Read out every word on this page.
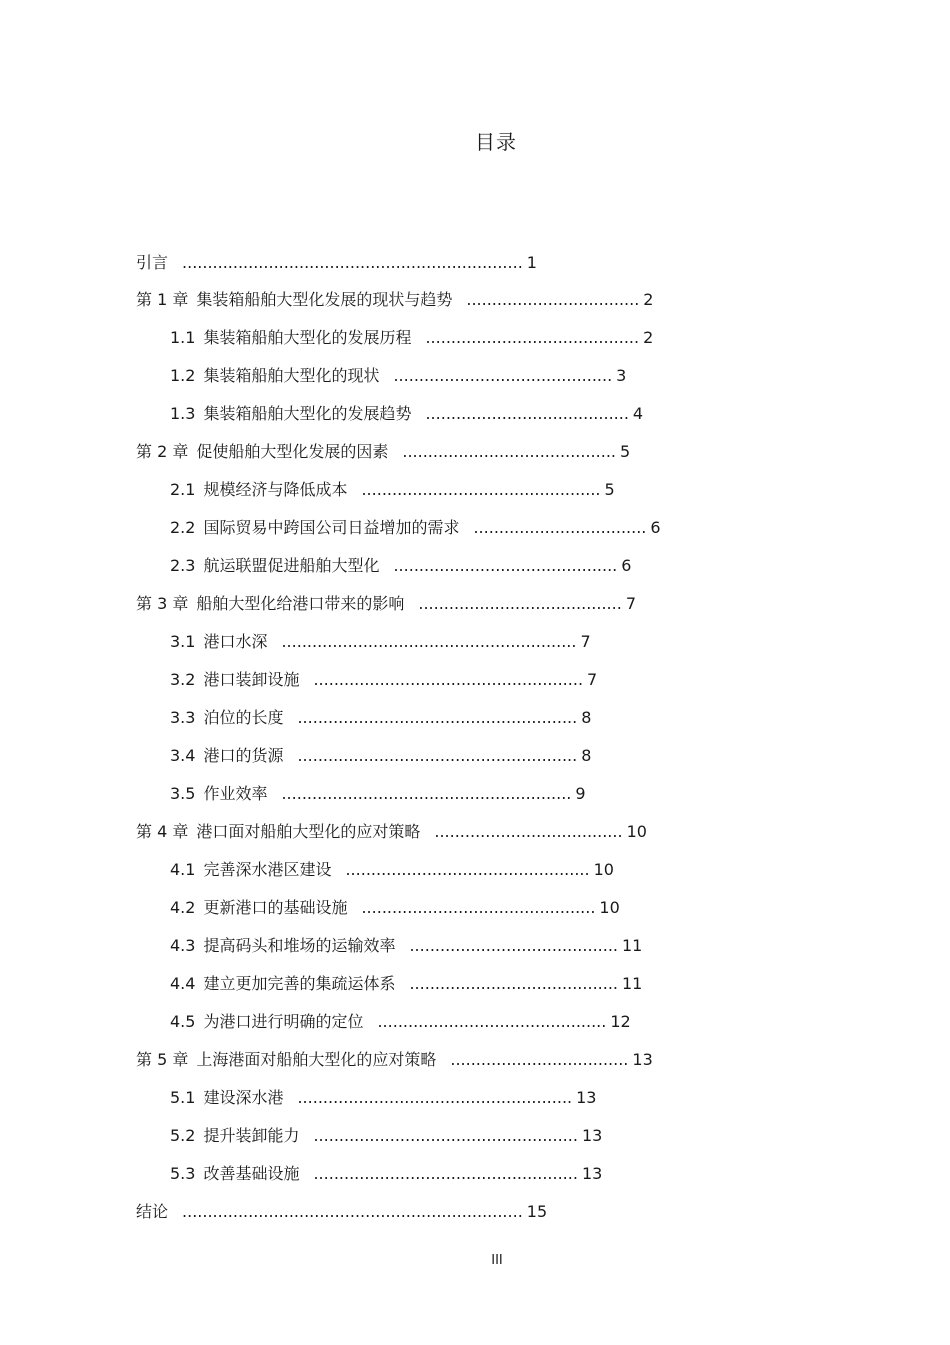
目录
引言 ................................................................... 1
第 1 章 集装箱船舶大型化发展的现状与趋势 .................................. 2
1.1 集装箱船舶大型化的发展历程 .......................................... 2
1.2 集装箱船舶大型化的现状 ........................................... 3
1.3 集装箱船舶大型化的发展趋势 ........................................ 4
第 2 章 促使船舶大型化发展的因素 .......................................... 5
2.1 规模经济与降低成本 ............................................... 5
2.2 国际贸易中跨国公司日益增加的需求 .................................. 6
2.3 航运联盟促进船舶大型化 ............................................ 6
第 3 章 船舶大型化给港口带来的影响 ........................................ 7
3.1 港口水深 .......................................................... 7
3.2 港口装卸设施 ..................................................... 7
3.3 泊位的长度 ....................................................... 8
3.4 港口的货源 ....................................................... 8
3.5 作业效率 ......................................................... 9
第 4 章 港口面对船舶大型化的应对策略 ..................................... 10
4.1 完善深水港区建设 ................................................ 10
4.2 更新港口的基础设施 .............................................. 10
4.3 提高码头和堆场的运输效率 ......................................... 11
4.4 建立更加完善的集疏运体系 ......................................... 11
4.5 为港口进行明确的定位 ............................................. 12
第 5 章 上海港面对船舶大型化的应对策略 ................................... 13
5.1 建设深水港 ...................................................... 13
5.2 提升装卸能力 .................................................... 13
5.3 改善基础设施 .................................................... 13
结论 ................................................................... 15
III
